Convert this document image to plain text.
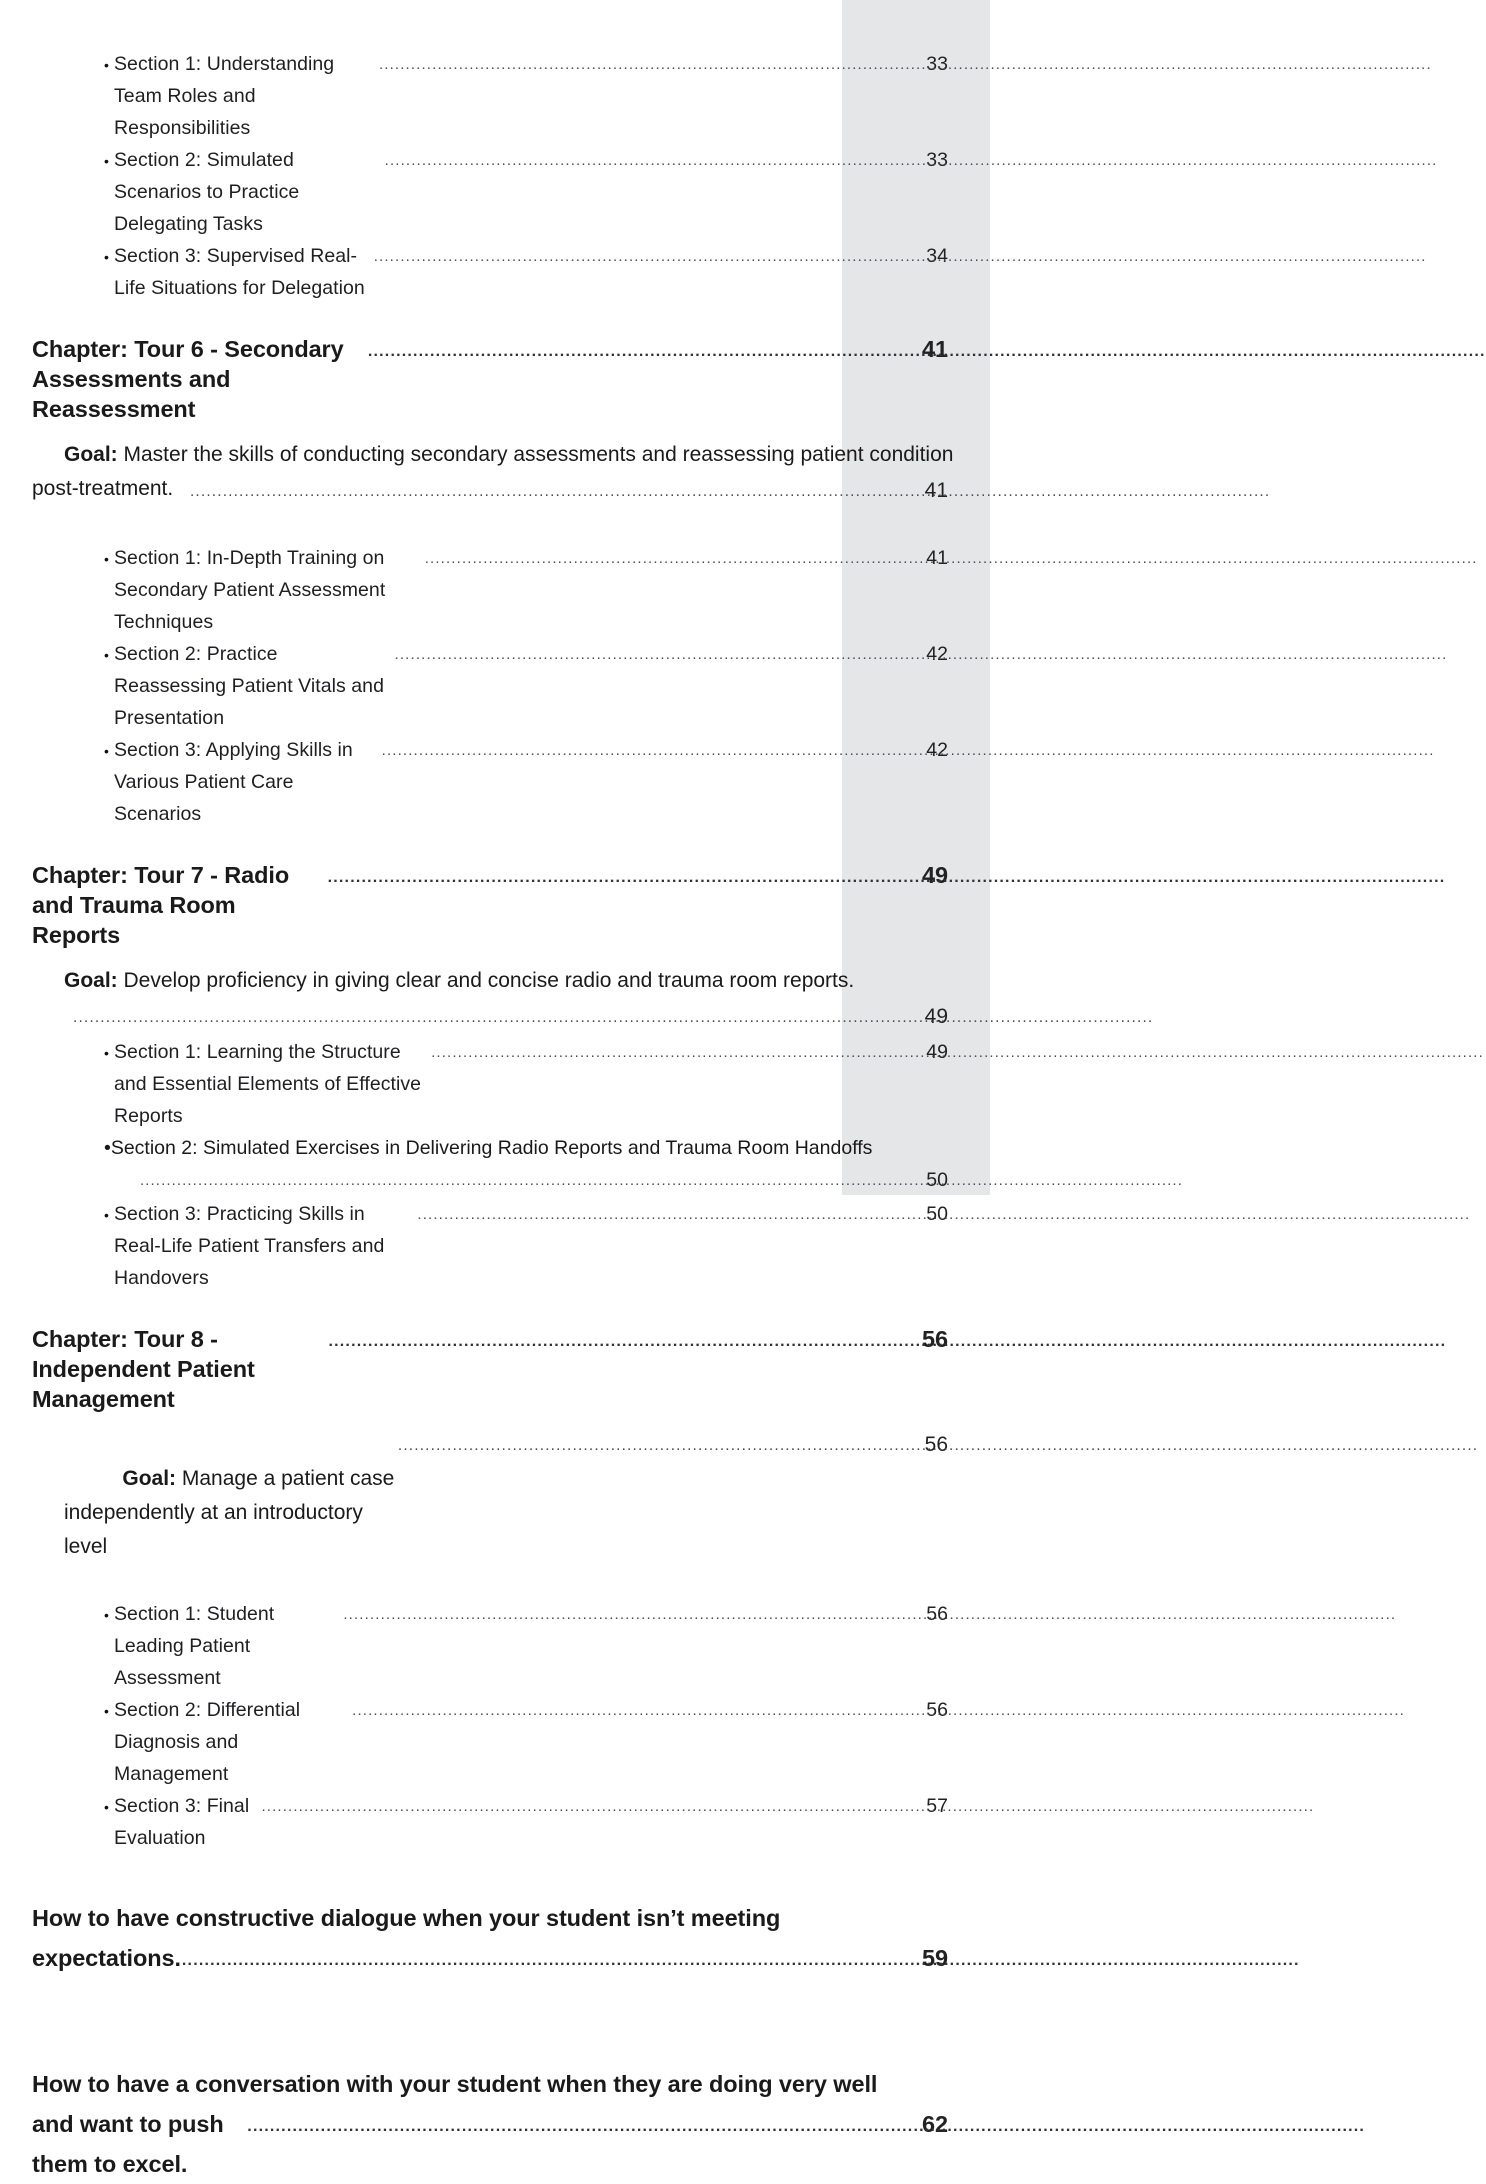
• Section 1: Understanding Team Roles and Responsibilities
.....
33
• Section 2: Simulated Scenarios to Practice Delegating Tasks
.....
33
• Section 3: Supervised Real-Life Situations for Delegation
.....
34
Chapter: Tour 6 - Secondary Assessments and Reassessment
.....
41
Goal: Master the skills of conducting secondary assessments and reassessing patient condition post-treatment. .....	41
• Section 1: In-Depth Training on Secondary Patient Assessment Techniques
.....
41
• Section 2: Practice Reassessing Patient Vitals and Presentation
.....
42
• Section 3: Applying Skills in Various Patient Care Scenarios
.....
42
Chapter: Tour 7 - Radio and Trauma Room Reports
.....
49
Goal: Develop proficiency in giving clear and concise radio and trauma room reports.
.....
49
• Section 1: Learning the Structure and Essential Elements of Effective Reports
.....
49
•Section 2: Simulated Exercises in Delivering Radio Reports and Trauma Room Handoffs
.....
50
• Section 3: Practicing Skills in Real-Life Patient Transfers and Handovers
.....
50
Chapter: Tour 8 - Independent Patient Management
.....
56

Goal: Manage a patient case independently at an introductory level

.....
56
• Section 1: Student Leading Patient Assessment
.....
56
• Section 2: Differential Diagnosis and Management
.....
56
• Section 3: Final Evaluation
.....
57
How to have constructive dialogue when your student isn’t meeting
expectations. .....	59
How to have a conversation with your student when they are doing very well
and want to push them to excel.
.....
62
